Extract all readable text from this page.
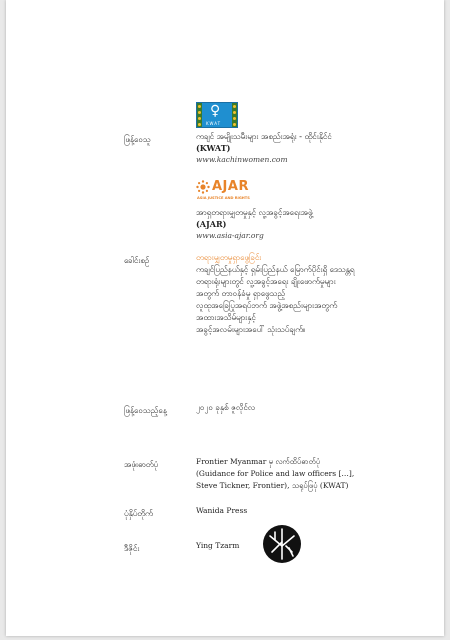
♀
KWAT
ဖြန့်ဝေသူ	ကချင် အမျိုးသမီးများ အစည်းအရုံး - ထိုင်းနိုင်ငံ
(KWAT)
www.kachinwomen.com
AJAR
ASIA JUSTICE AND RIGHTS
အာရှတရားမျှတမှုနှင့် လူ့အခွင့်အရေးအဖွဲ့
(AJAR)
www.asia-ajar.org
ခေါင်းစဉ်	တရားမျှတမှုရှာဖွေခြင်း
ကချင်ပြည်နယ်နှင့် ရှမ်းပြည်နယ် မြောက်ပိုင်းရှိ ဒေသန္တရ
တရားရုံးများတွင် လူ့အခွင့်အရေး ချိုးဖောက်မှုများ
အတွက် တာဝန်ခံမှု ရှာဖွေသည့်
လူထုအခြေပြုအရပ်ဘက် အဖွဲ့အစည်းများအတွက်
အထားအသိမ်များနှင့်
အခွင့်အလမ်းများအပေါ် သုံးသပ်ချက်။
ဖြန့်ဝေသည့်နေ့	၂၀၂၀ ခုနှစ် ဇူလိုင်လ
အဖုံးဓာတ်ပုံ	Frontier Myanmar မှ လက်ထိပ်ဓာတ်ပုံ
(Guidance for Police and law officers […],
Steve Tickner, Frontier), သရုပ်ဖြပုံ (KWAT)
ပုံနှိပ်တိုက်	Wanida Press
ဒီဇိုင်း	Ying Tzarm
